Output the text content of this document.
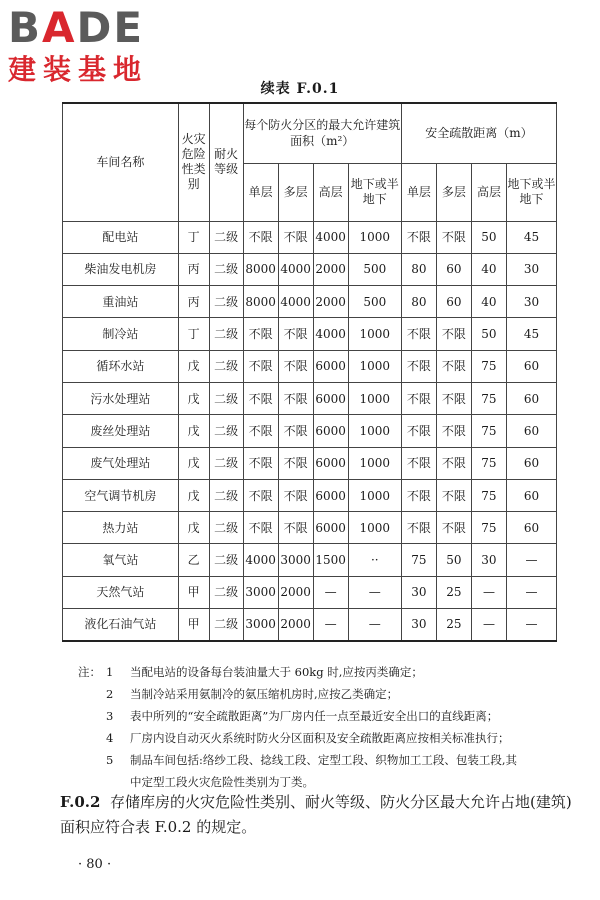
BADE
建装基地
续表 F.0.1
车间名称	火灾危险性类别	耐火等级	每个防火分区的最大允许建筑面积（m²）				安全疏散距离（m）			
			单层	多层	高层	地下或半地下	单层	多层	高层	地下或半地下
配电站	丁	二级	不限	不限	4000	1000	不限	不限	50	45
柴油发电机房	丙	二级	8000	4000	2000	500	80	60	40	30
重油站	丙	二级	8000	4000	2000	500	80	60	40	30
制冷站	丁	二级	不限	不限	4000	1000	不限	不限	50	45
循环水站	戊	二级	不限	不限	6000	1000	不限	不限	75	60
污水处理站	戊	二级	不限	不限	6000	1000	不限	不限	75	60
废丝处理站	戊	二级	不限	不限	6000	1000	不限	不限	75	60
废气处理站	戊	二级	不限	不限	6000	1000	不限	不限	75	60
空气调节机房	戊	二级	不限	不限	6000	1000	不限	不限	75	60
热力站	戊	二级	不限	不限	6000	1000	不限	不限	75	60
氧气站	乙	二级	4000	3000	1500	··	75	50	30	—
天然气站	甲	二级	3000	2000	—	—	30	25	—	—
液化石油气站	甲	二级	3000	2000	—	—	30	25	—	—
注： 1	当配电站的设备每台装油量大于 60kg 时,应按丙类确定；
2	当制冷站采用氨制冷的氨压缩机房时,应按乙类确定；
3	表中所列的“安全疏散距离”为厂房内任一点至最近安全出口的直线距离；
4	厂房内设自动灭火系统时防火分区面积及安全疏散距离应按相关标准执行；
5	制品车间包括:络纱工段、捻线工段、定型工段、织物加工工段、包装工段,其
中定型工段火灾危险性类别为丁类。
F.0.2 存储库房的火灾危险性类别、耐火等级、防火分区最大允许占地(建筑)面积应符合表 F.0.2 的规定。
· 80 ·
